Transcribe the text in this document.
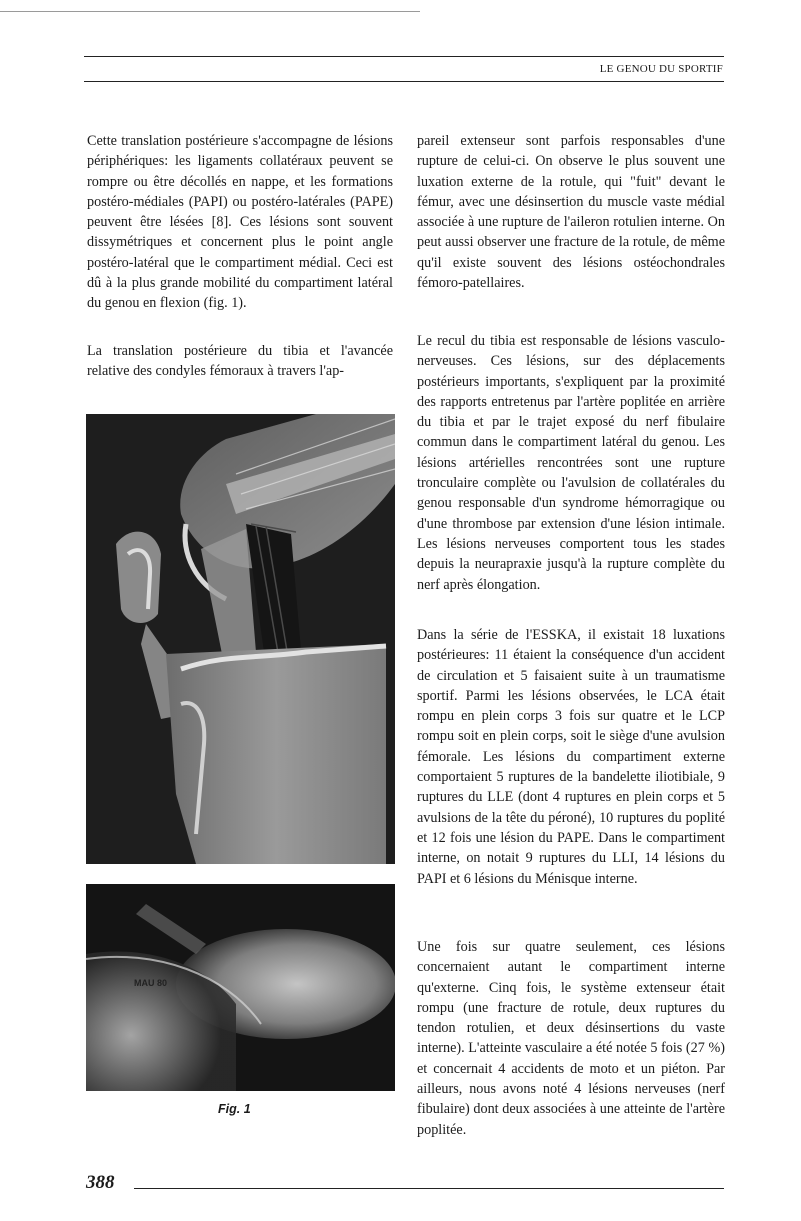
LE GENOU DU SPORTIF

Cette translation postérieure s'accompagne de lésions périphériques: les ligaments collatéraux peuvent se rompre ou être décollés en nappe, et les formations postéro-médiales (PAPI) ou postéro-latérales (PAPE) peuvent être lésées [8]. Ces lésions sont souvent dissymétriques et concernent plus le point angle postéro-latéral que le compartiment médial. Ceci est dû à la plus grande mobilité du compartiment latéral du genou en flexion (fig. 1).

La translation postérieure du tibia et l'avancée relative des condyles fémoraux à travers l'ap-

MAU 80
Fig. 1

pareil extenseur sont parfois responsables d'une rupture de celui-ci. On observe le plus souvent une luxation externe de la rotule, qui "fuit" devant le fémur, avec une désinsertion du muscle vaste médial associée à une rupture de l'aileron rotulien interne. On peut aussi observer une fracture de la rotule, de même qu'il existe souvent des lésions ostéochondrales fémoro-patellaires.

Le recul du tibia est responsable de lésions vasculo-nerveuses. Ces lésions, sur des déplacements postérieurs importants, s'expliquent par la proximité des rapports entretenus par l'artère poplitée en arrière du tibia et par le trajet exposé du nerf fibulaire commun dans le compartiment latéral du genou. Les lésions artérielles rencontrées sont une rupture tronculaire complète ou l'avulsion de collatérales du genou responsable d'un syndrome hémorragique ou d'une thrombose par extension d'une lésion intimale. Les lésions nerveuses comportent tous les stades depuis la neurapraxie jusqu'à la rupture complète du nerf après élongation.

Dans la série de l'ESSKA, il existait 18 luxations postérieures: 11 étaient la conséquence d'un accident de circulation et 5 faisaient suite à un traumatisme sportif. Parmi les lésions observées, le LCA était rompu en plein corps 3 fois sur quatre et le LCP rompu soit en plein corps, soit le siège d'une avulsion fémorale. Les lésions du compartiment externe comportaient 5 ruptures de la bandelette iliotibiale, 9 ruptures du LLE (dont 4 ruptures en plein corps et 5 avulsions de la tête du péroné), 10 ruptures du poplité et 12 fois une lésion du PAPE. Dans le compartiment interne, on notait 9 ruptures du LLI, 14 lésions du PAPI et 6 lésions du Ménisque interne.

Une fois sur quatre seulement, ces lésions concernaient autant le compartiment interne qu'externe. Cinq fois, le système extenseur était rompu (une fracture de rotule, deux ruptures du tendon rotulien, et deux désinsertions du vaste interne). L'atteinte vasculaire a été notée 5 fois (27 %) et concernait 4 accidents de moto et un piéton. Par ailleurs, nous avons noté 4 lésions nerveuses (nerf fibulaire) dont deux associées à une atteinte de l'artère poplitée.

388
